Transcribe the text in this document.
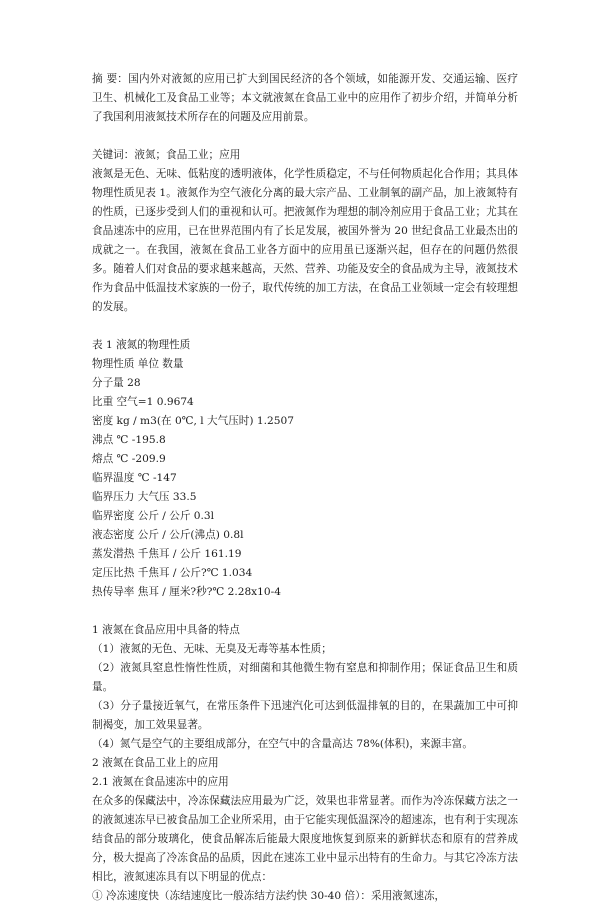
摘 要：国内外对液氮的应用已扩大到国民经济的各个领域，如能源开发、交通运输、医疗卫生、机械化工及食品工业等；本文就液氮在食品工业中的应用作了初步介绍，并简单分析了我国利用液氮技术所存在的问题及应用前景。

关键词：液氮；食品工业；应用

液氮是无色、无味、低粘度的透明液体，化学性质稳定，不与任何物质起化合作用；其具体物理性质见表 1。液氮作为空气液化分离的最大宗产品、工业制氧的副产品，加上液氮特有的性质，已逐步受到人们的重视和认可。把液氮作为理想的制冷剂应用于食品工业；尤其在食品速冻中的应用，已在世界范围内有了长足发展，被国外誉为 20 世纪食品工业最杰出的成就之一。在我国，液氮在食品工业各方面中的应用虽已逐渐兴起，但存在的问题仍然很多。随着人们对食品的要求越来越高，天然、营养、功能及安全的食品成为主导，液氮技术作为食品中低温技术家族的一份子，取代传统的加工方法，在食品工业领域一定会有较理想的发展。

表 1 液氮的物理性质

物理性质 单位 数量

分子量 28

比重 空气=1 0.9674

密度 kg / m3(在 0℃, l 大气压时) 1.2507

沸点 ℃ -195.8

熔点 ℃ -209.9

临界温度 ℃ -147

临界压力 大气压 33.5

临界密度 公斤 / 公斤 0.3l

液态密度 公斤 / 公斤(沸点) 0.8l

蒸发潜热 千焦耳 / 公斤 161.19

定压比热 千焦耳 / 公斤?℃ 1.034

热传导率 焦耳 / 厘米?秒?℃ 2.28x10-4

1 液氮在食品应用中具备的特点

（1）液氮的无色、无味、无臭及无毒等基本性质；

（2）液氮具窒息性惰性性质，对细菌和其他微生物有窒息和抑制作用；保证食品卫生和质量。

（3）分子量接近氧气，在常压条件下迅速汽化可达到低温排氧的目的，在果蔬加工中可抑制褐变，加工效果显著。

（4）氮气是空气的主要组成部分，在空气中的含量高达 78%(体积)，来源丰富。

2 液氮在食品工业上的应用

2.1 液氮在食品速冻中的应用

在众多的保藏法中，冷冻保藏法应用最为广泛，效果也非常显著。而作为冷冻保藏方法之一的液氮速冻早已被食品加工企业所采用，由于它能实现低温深冷的超速冻，也有利于实现冻结食品的部分玻璃化，使食品解冻后能最大限度地恢复到原来的新鲜状态和原有的营养成分，极大提高了冷冻食品的品质，因此在速冻工业中显示出特有的生命力。与其它冷冻方法相比，液氮速冻具有以下明显的优点：

① 冷冻速度快（冻结速度比一般冻结方法约快 30-40 倍）：采用液氮速冻，
